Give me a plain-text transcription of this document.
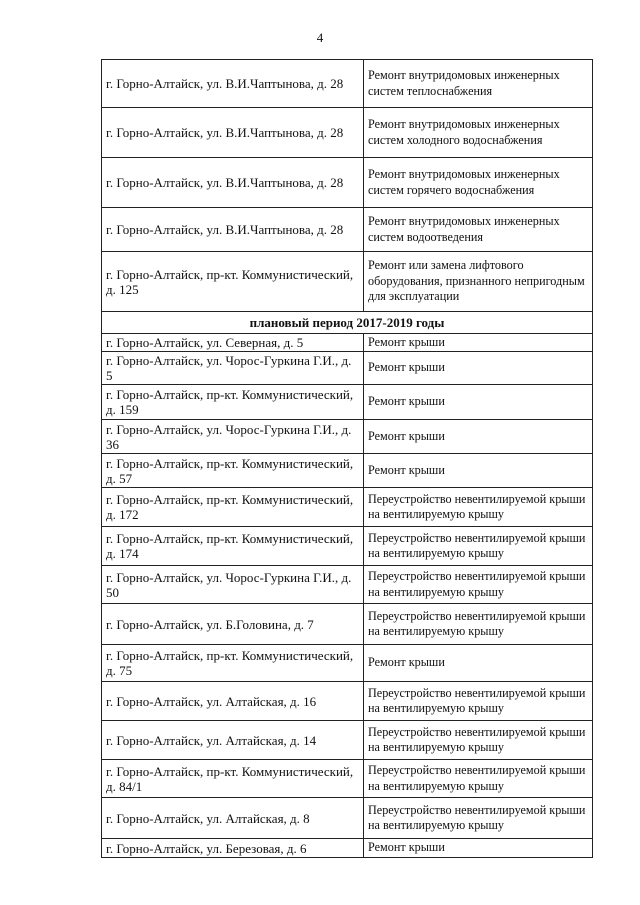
4
г. Горно-Алтайск, ул. В.И.Чаптынова, д. 28	Ремонт внутридомовых инженерных систем теплоснабжения
г. Горно-Алтайск, ул. В.И.Чаптынова, д. 28	Ремонт внутридомовых инженерных систем холодного водоснабжения
г. Горно-Алтайск, ул. В.И.Чаптынова, д. 28	Ремонт внутридомовых инженерных систем горячего водоснабжения
г. Горно-Алтайск, ул. В.И.Чаптынова, д. 28	Ремонт внутридомовых инженерных систем водоотведения
г. Горно-Алтайск, пр-кт. Коммунистический, д. 125	Ремонт или замена лифтового оборудования, признанного непригодным для эксплуатации
плановый период 2017-2019 годы	
г. Горно-Алтайск, ул. Северная, д. 5	Ремонт крыши
г. Горно-Алтайск, ул. Чорос-Гуркина Г.И., д. 5	Ремонт крыши
г. Горно-Алтайск, пр-кт. Коммунистический, д. 159	Ремонт крыши
г. Горно-Алтайск, ул. Чорос-Гуркина Г.И., д. 36	Ремонт крыши
г. Горно-Алтайск, пр-кт. Коммунистический, д. 57	Ремонт крыши
г. Горно-Алтайск, пр-кт. Коммунистический, д. 172	Переустройство невентилируемой крыши на вентилируемую крышу
г. Горно-Алтайск, пр-кт. Коммунистический, д. 174	Переустройство невентилируемой крыши на вентилируемую крышу
г. Горно-Алтайск, ул. Чорос-Гуркина Г.И., д. 50	Переустройство невентилируемой крыши на вентилируемую крышу
г. Горно-Алтайск, ул. Б.Головина, д. 7	Переустройство невентилируемой крыши на вентилируемую крышу
г. Горно-Алтайск, пр-кт. Коммунистический, д. 75	Ремонт крыши
г. Горно-Алтайск, ул. Алтайская, д. 16	Переустройство невентилируемой крыши на вентилируемую крышу
г. Горно-Алтайск, ул. Алтайская, д. 14	Переустройство невентилируемой крыши на вентилируемую крышу
г. Горно-Алтайск, пр-кт. Коммунистический, д. 84/1	Переустройство невентилируемой крыши на вентилируемую крышу
г. Горно-Алтайск, ул. Алтайская, д. 8	Переустройство невентилируемой крыши на вентилируемую крышу
г. Горно-Алтайск, ул. Березовая, д. 6	Ремонт крыши
